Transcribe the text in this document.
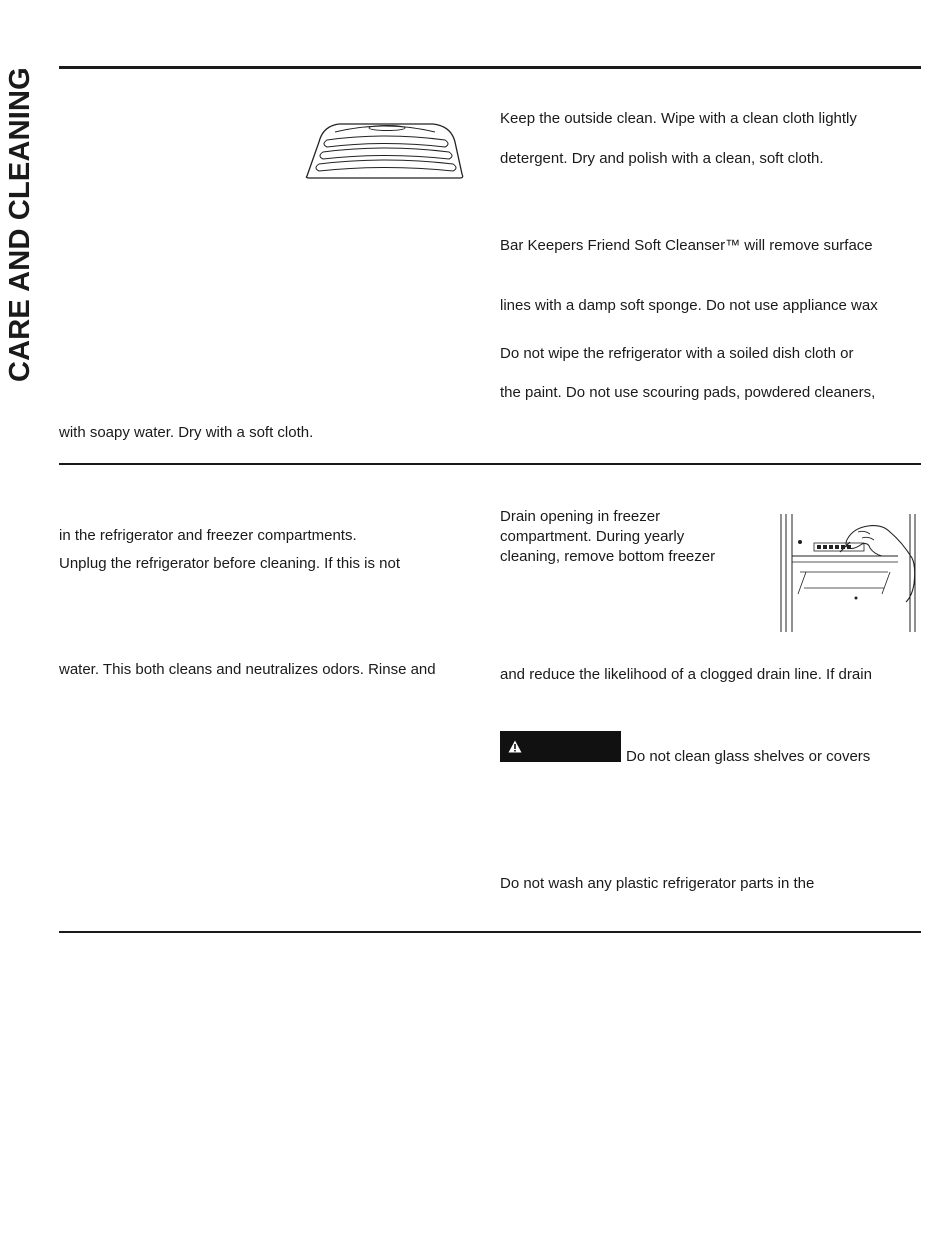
CARE AND CLEANING	Keep the outside clean. Wipe with a clean cloth lightly
detergent. Dry and polish with a clean, soft cloth.
Bar Keepers Friend Soft Cleanser™ will remove surface
lines with a damp soft sponge. Do not use appliance wax
Do not wipe the refrigerator with a soiled dish cloth or
the paint. Do not use scouring pads, powdered cleaners,
with soapy water. Dry with a soft cloth.
in the refrigerator and freezer compartments.
Unplug the refrigerator before cleaning. If this is not
water. This both cleans and neutralizes odors. Rinse and
Drain opening in freezer
compartment. During yearly
cleaning, remove bottom freezer
and reduce the likelihood of a clogged drain line. If drain
Do not clean glass shelves or covers
Do not wash any plastic refrigerator parts in the
